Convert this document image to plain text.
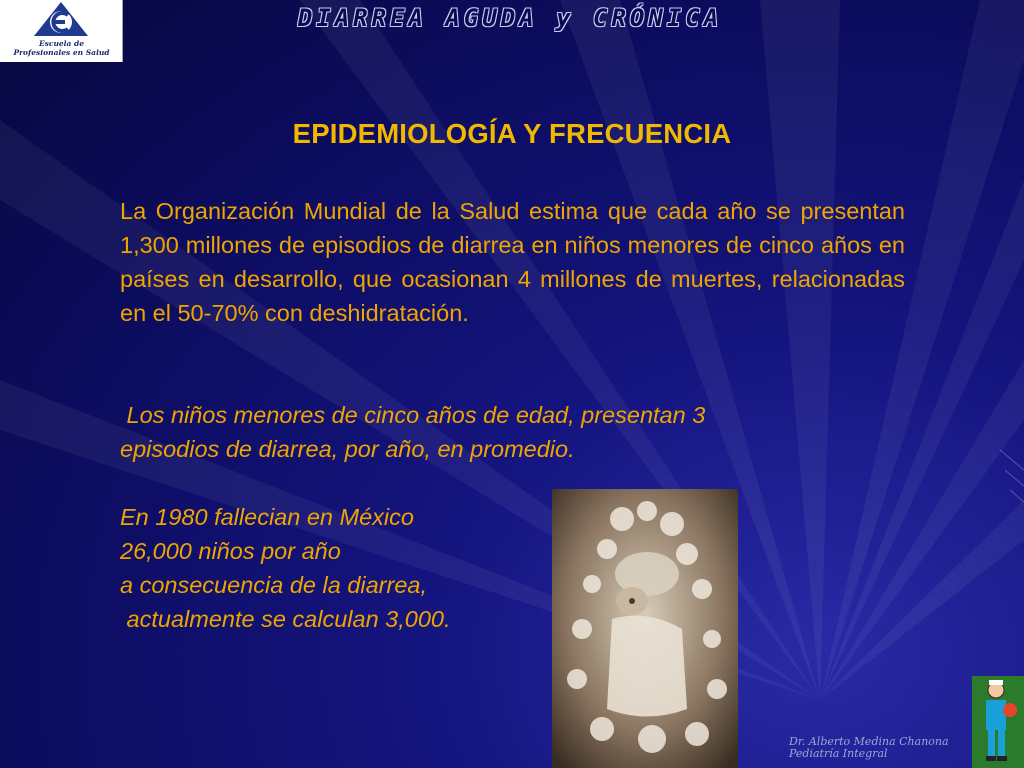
Escuela de
Profesionales en Salud
DIARREA AGUDA y CRÓNICA
EPIDEMIOLOGÍA Y FRECUENCIA
La Organización Mundial de la Salud estima que cada año se presentan 1,300 millones de episodios de diarrea en niños menores de cinco años en países en desarrollo, que ocasionan 4 millones de muertes, relacionadas en el 50-70% con deshidratación.
Los niños menores de cinco años de edad, presentan 3
episodios de diarrea, por año, en promedio.
En 1980 fallecian en México
26,000 niños por año
a consecuencia de la diarrea,
actualmente se calculan 3,000.
Dr. Alberto Medina Chanona
Pediatría Integral
